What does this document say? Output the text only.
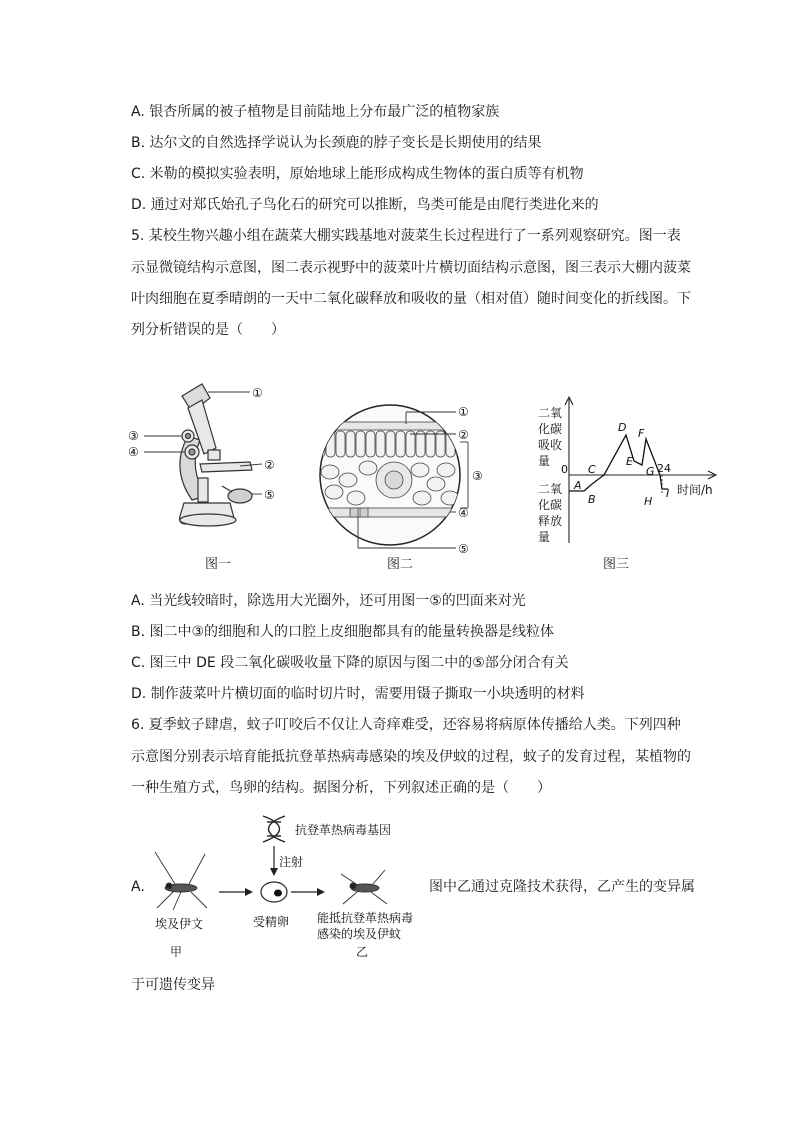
A. 银杏所属的被子植物是目前陆地上分布最广泛的植物家族
B. 达尔文的自然选择学说认为长颈鹿的脖子变长是长期使用的结果
C. 米勒的模拟实验表明，原始地球上能形成构成生物体的蛋白质等有机物
D. 通过对郑氏始孔子鸟化石的研究可以推断，鸟类可能是由爬行类进化来的
5. 某校生物兴趣小组在蔬菜大棚实践基地对菠菜生长过程进行了一系列观察研究。图一表
示显微镜结构示意图，图二表示视野中的菠菜叶片横切面结构示意图，图三表示大棚内菠菜
叶肉细胞在夏季晴朗的一天中二氧化碳释放和吸收的量（相对值）随时间变化的折线图。下
列分析错误的是（　　）
①
③
④
②
⑤
图一
①
②
③
④
⑤
图二
二 氧
化 碳
吸 收
量
二 氧
化 碳
释 放
量
0	24
时间/h
A
B
C
D
E
F
G
H
I
图三
A. 当光线较暗时，除选用大光圈外，还可用图一⑤的凹面来对光
B. 图二中③的细胞和人的口腔上皮细胞都具有的能量转换器是线粒体
C. 图三中 DE 段二氧化碳吸收量下降的原因与图二中的⑤部分闭合有关
D. 制作菠菜叶片横切面的临时切片时，需要用镊子撕取一小块透明的材料
6. 夏季蚊子肆虐，蚊子叮咬后不仅让人奇痒难受，还容易将病原体传播给人类。下列四种
示意图分别表示培育能抵抗登革热病毒感染的埃及伊蚊的过程，蚊子的发育过程，某植物的
一种生殖方式，鸟卵的结构。据图分析，下列叙述正确的是（　　）
A.
抗登革热病毒基因
注射
埃及伊文
甲
受精卵 能抵抗登革热病毒
感染的埃及伊蚊
乙
图中乙通过克隆技术获得，乙产生的变异属
于可遗传变异
